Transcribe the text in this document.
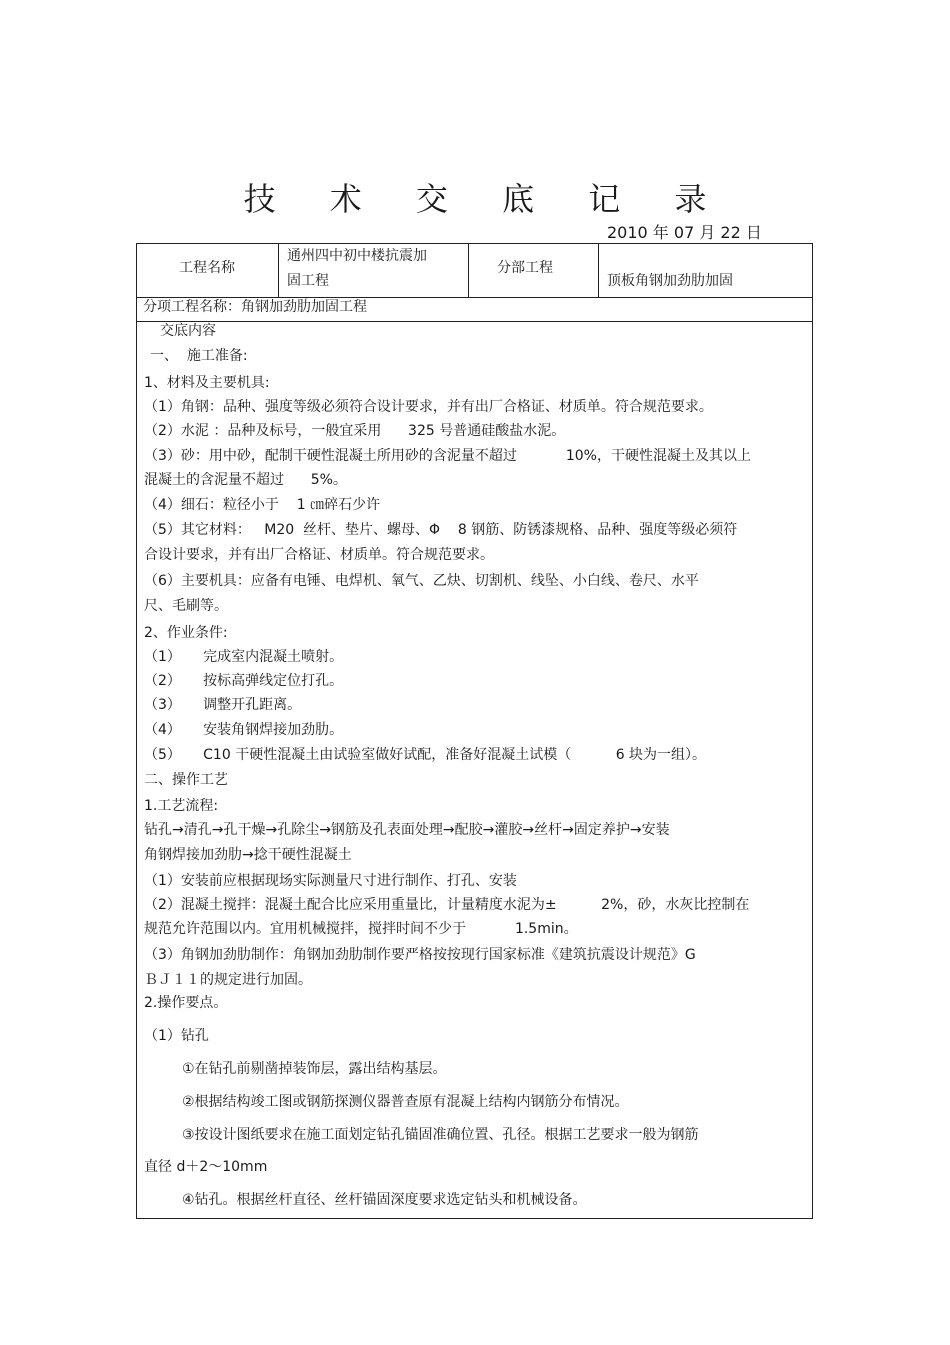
技 术 交 底 记 录
2010 年 07 月 22 日
工程名称
通州四中初中楼抗震加
固工程
分部工程
顶板角钢加劲肋加固
分项工程名称：角钢加劲肋加固工程
交底内容
一、  施工准备:
1、材料及主要机具:
（1）角钢：品种、强度等级必须符合设计要求，并有出厂合格证、材质单。符合规范要求。
（2）水泥 ：品种及标号，一般宜采用      325 号普通硅酸盐水泥。
（3）砂：用中砂，配制干硬性混凝土所用砂的含泥量不超过           10%，干硬性混凝土及其以上
混凝土的含泥量不超过      5%。
（4）细石：粒径小于    1 ㎝碎石少许
（5）其它材料：   M20  丝杆、垫片、螺母、Φ    8 钢筋、防锈漆规格、品种、强度等级必须符
合设计要求，并有出厂合格证、材质单。符合规范要求。
（6）主要机具：应备有电锤、电焊机、氧气、乙炔、切割机、线坠、小白线、卷尺、水平
尺、毛刷等。
2、作业条件:
（1）     完成室内混凝土喷射。
（2）     按标高弹线定位打孔。
（3）     调整开孔距离。
（4）     安装角钢焊接加劲肋。
（5）     C10 干硬性混凝土由试验室做好试配，准备好混凝土试模（          6 块为一组）。
二、操作工艺
1.工艺流程:
钻孔→清孔→孔干燥→孔除尘→钢筋及孔表面处理→配胶→灌胶→丝杆→固定养护→安装
角钢焊接加劲肋→捻干硬性混凝土
（1）安装前应根据现场实际测量尺寸进行制作、打孔、安装
（2）混凝土搅拌：混凝土配合比应采用重量比，计量精度水泥为±          2%，砂，水灰比控制在
规范允许范围以内。宜用机械搅拌，搅拌时间不少于           1.5min。
（3）角钢加劲肋制作：角钢加劲肋制作要严格按按现行国家标准《建筑抗震设计规范》G
ＢＪ１１的规定进行加固。
2.操作要点。
（1）钻孔
①在钻孔前剔凿掉装饰层，露出结构基层。
②根据结构竣工图或钢筋探测仪器普查原有混凝上结构内钢筋分布情况。
③按设计图纸要求在施工面划定钻孔锚固准确位置、孔径。根据工艺要求一般为钢筋
直径 d＋2～10mm
④钻孔。根据丝杆直径、丝杆锚固深度要求选定钻头和机械设备。
